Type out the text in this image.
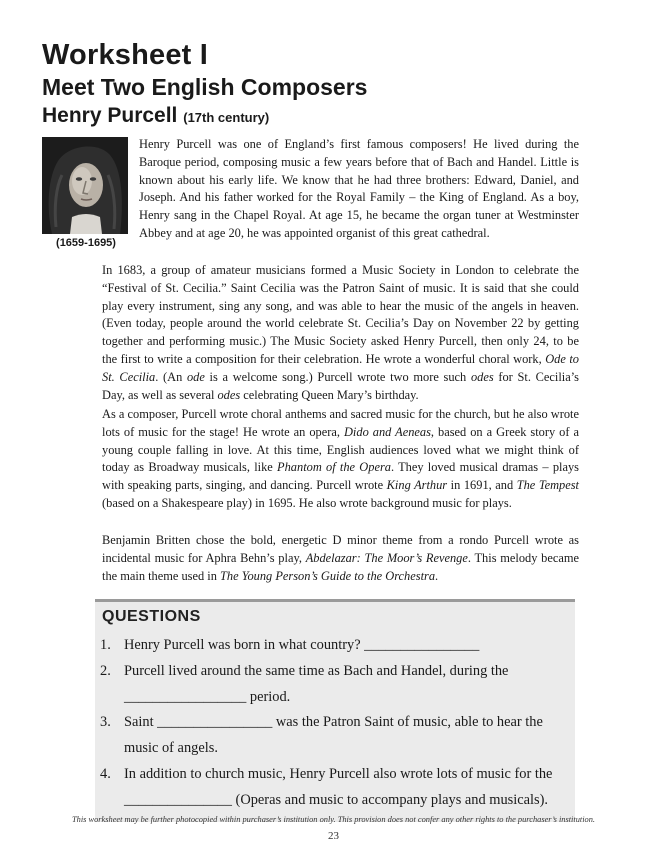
Worksheet I
Meet Two English Composers
Henry Purcell (17th century)
(1659-1695)

Henry Purcell was one of England’s first famous composers! He lived during the Baroque period, composing music a few years before that of Bach and Handel. Little is known about his early life. We know that he had three brothers: Edward, Daniel, and Joseph. And his father worked for the Royal Family – the King of England. As a boy, Henry sang in the Chapel Royal. At age 15, he became the organ tuner at Westminster Abbey and at age 20, he was appointed organist of this great cathedral.

In 1683, a group of amateur musicians formed a Music Society in London to celebrate the “Festival of St. Cecilia.” Saint Cecilia was the Patron Saint of music. It is said that she could play every instrument, sing any song, and was able to hear the music of the angels in heaven. (Even today, people around the world celebrate St. Cecilia’s Day on November 22 by getting together and performing music.) The Music Society asked Henry Purcell, then only 24, to be the first to write a composition for their celebration. He wrote a wonderful choral work, Ode to St. Cecilia. (An ode is a welcome song.) Purcell wrote two more such odes for St. Cecilia’s Day, as well as several odes celebrating Queen Mary’s birthday.

As a composer, Purcell wrote choral anthems and sacred music for the church, but he also wrote lots of music for the stage! He wrote an opera, Dido and Aeneas, based on a Greek story of a young couple falling in love. At this time, English audiences loved what we might think of today as Broadway musicals, like Phantom of the Opera. They loved musical dramas – plays with speaking parts, singing, and dancing. Purcell wrote King Arthur in 1691, and The Tempest (based on a Shakespeare play) in 1695. He also wrote background music for plays.

Benjamin Britten chose the bold, energetic D minor theme from a rondo Purcell wrote as incidental music for Aphra Behn’s play, Abdelazar: The Moor’s Revenge. This melody became the main theme used in The Young Person’s Guide to the Orchestra.

QUESTIONS
1. Henry Purcell was born in what country? ________________
2. Purcell lived around the same time as Bach and Handel, during the _________________ period.
3. Saint ________________ was the Patron Saint of music, able to hear the music of angels.
4. In addition to church music, Henry Purcell also wrote lots of music for the _______________ (Operas and music to accompany plays and musicals).
This worksheet may be further photocopied within purchaser’s institution only. This provision does not confer any other rights to the purchaser’s institution.
23
